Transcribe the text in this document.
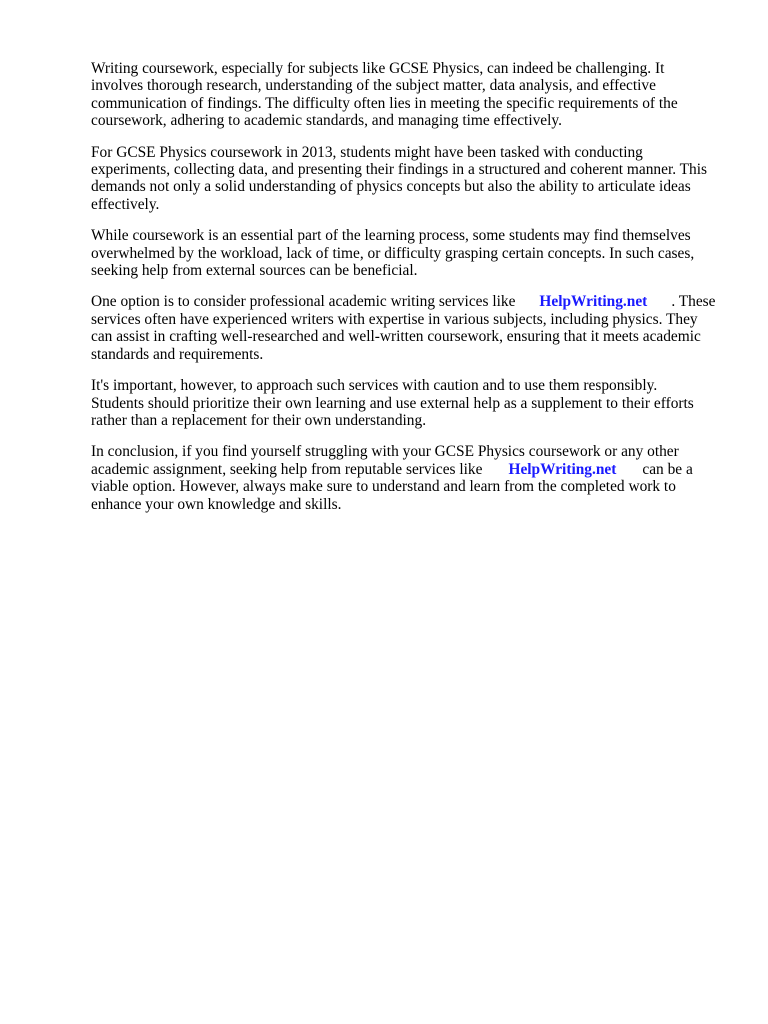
Writing coursework, especially for subjects like GCSE Physics, can indeed be challenging. It
involves thorough research, understanding of the subject matter, data analysis, and effective
communication of findings. The difficulty often lies in meeting the specific requirements of the
coursework, adhering to academic standards, and managing time effectively.

For GCSE Physics coursework in 2013, students might have been tasked with conducting
experiments, collecting data, and presenting their findings in a structured and coherent manner. This
demands not only a solid understanding of physics concepts but also the ability to articulate ideas
effectively.

While coursework is an essential part of the learning process, some students may find themselves
overwhelmed by the workload, lack of time, or difficulty grasping certain concepts. In such cases,
seeking help from external sources can be beneficial.

One option is to consider professional academic writing services like HelpWriting.net . These
services often have experienced writers with expertise in various subjects, including physics. They
can assist in crafting well-researched and well-written coursework, ensuring that it meets academic
standards and requirements.

It's important, however, to approach such services with caution and to use them responsibly.
Students should prioritize their own learning and use external help as a supplement to their efforts
rather than a replacement for their own understanding.

In conclusion, if you find yourself struggling with your GCSE Physics coursework or any other
academic assignment, seeking help from reputable services like HelpWriting.net can be a
viable option. However, always make sure to understand and learn from the completed work to
enhance your own knowledge and skills.
